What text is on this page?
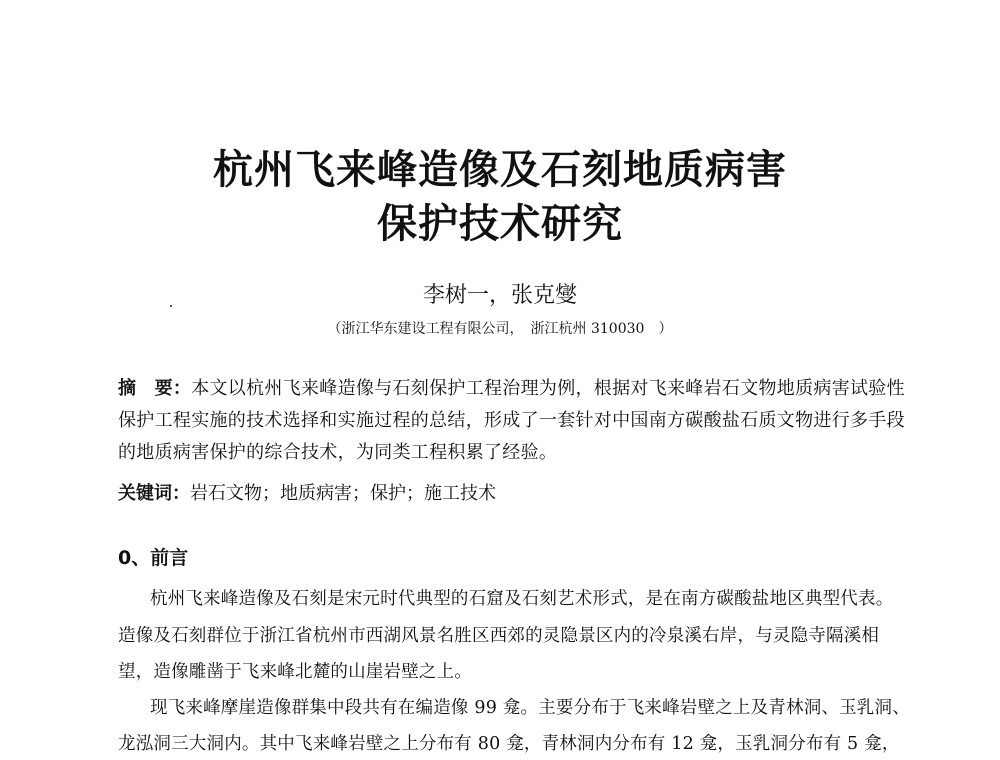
杭州飞来峰造像及石刻地质病害
保护技术研究
李树一，张克燮
（浙江华东建设工程有限公司，　浙江杭州 310030　）
摘　要：本文以杭州飞来峰造像与石刻保护工程治理为例，根据对飞来峰岩石文物地质病害试验性
保护工程实施的技术选择和实施过程的总结，形成了一套针对中国南方碳酸盐石质文物进行多手段
的地质病害保护的综合技术，为同类工程积累了经验。
关键词：岩石文物；地质病害；保护；施工技术
0、前言
杭州飞来峰造像及石刻是宋元时代典型的石窟及石刻艺术形式，是在南方碳酸盐地区典型代表。
造像及石刻群位于浙江省杭州市西湖风景名胜区西郊的灵隐景区内的冷泉溪右岸，与灵隐寺隔溪相
望，造像雕凿于飞来峰北麓的山崖岩壁之上。
现飞来峰摩崖造像群集中段共有在编造像 99 龛。主要分布于飞来峰岩壁之上及青林洞、玉乳洞、
龙泓洞三大洞内。其中飞来峰岩壁之上分布有 80 龛，青林洞内分布有 12 龛，玉乳洞分布有 5 龛，
